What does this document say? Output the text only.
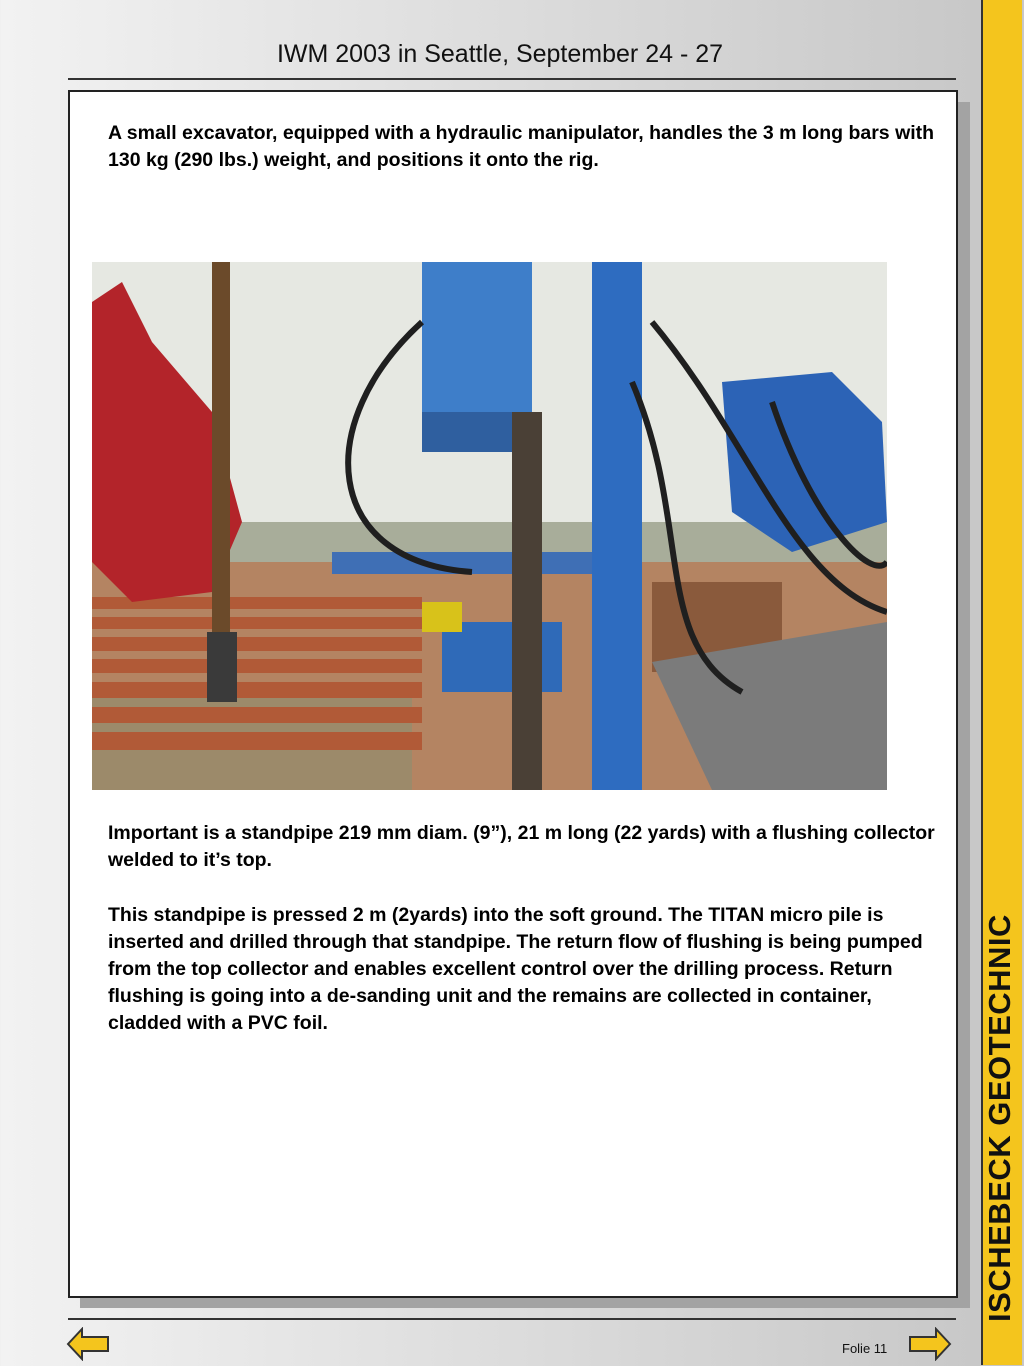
IWM 2003 in Seattle, September 24 - 27

A small excavator, equipped with a hydraulic manipulator, handles the 3 m long bars with 130 kg (290 lbs.) weight, and positions it onto the rig.

Important is a standpipe 219 mm diam. (9”), 21 m long (22 yards) with a flushing collector welded to it’s top.

This standpipe is pressed 2 m (2yards) into the soft ground. The TITAN micro pile is inserted and drilled through that standpipe. The return flow of flushing is being pumped from the top collector and enables excellent control over the drilling process. Return flushing is going into a de-sanding unit and the remains are collected in container, cladded with a PVC foil.	ISCHEBECK GEOTECHNIC
Folie 11
